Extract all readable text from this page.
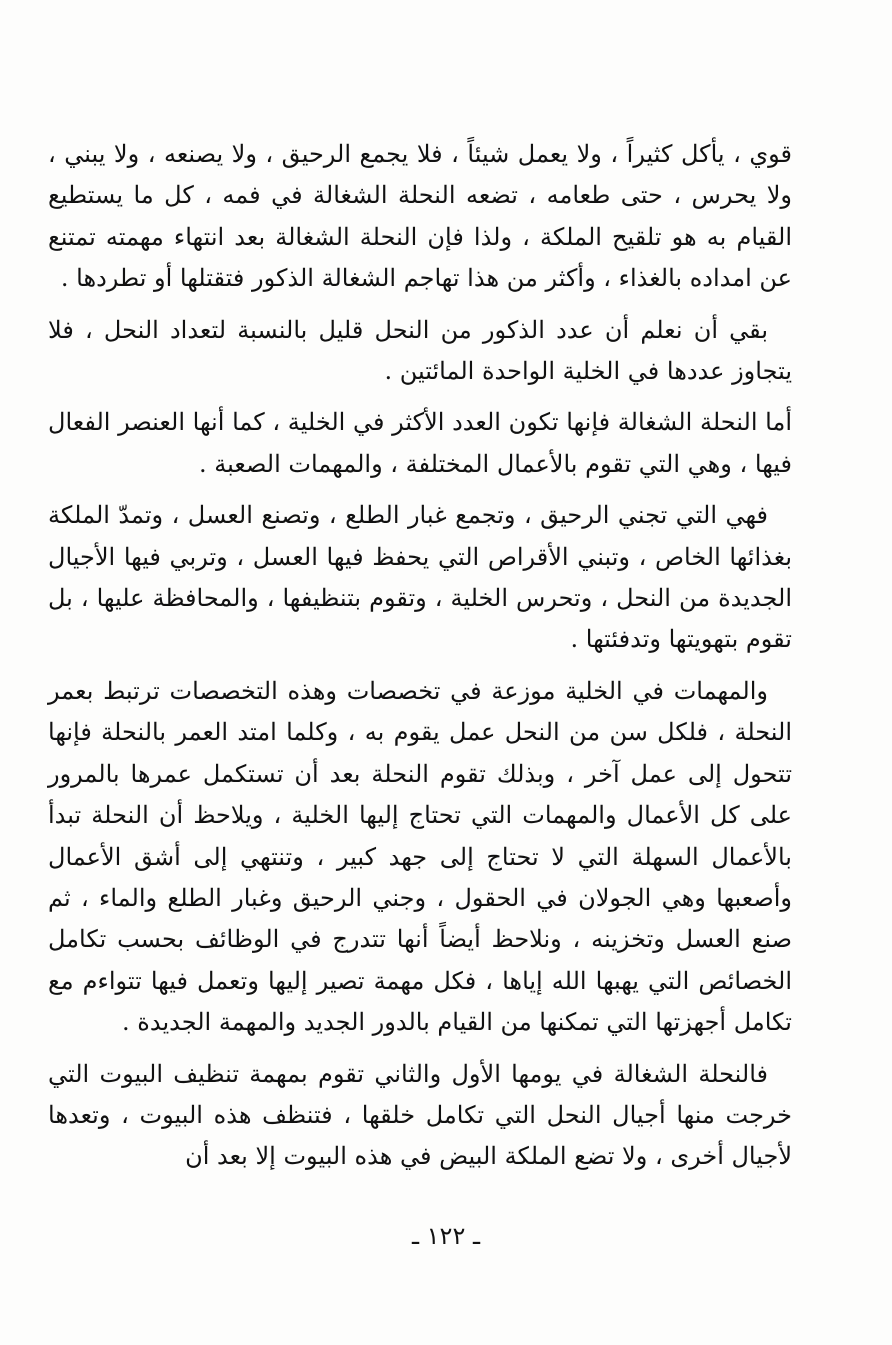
قوي ، يأكل كثيراً ، ولا يعمل شيئاً ، فلا يجمع الرحيق ، ولا يصنعه ، ولا يبني ، ولا يحرس ، حتى طعامه ، تضعه النحلة الشغالة في فمه ، كل ما يستطيع القيام به هو تلقيح الملكة ، ولذا فإن النحلة الشغالة بعد انتهاء مهمته تمتنع عن امداده بالغذاء ، وأكثر من هذا تهاجم الشغالة الذكور فتقتلها أو تطردها .

بقي أن نعلم أن عدد الذكور من النحل قليل بالنسبة لتعداد النحل ، فلا يتجاوز عددها في الخلية الواحدة المائتين .

أما النحلة الشغالة فإنها تكون العدد الأكثر في الخلية ، كما أنها العنصر الفعال فيها ، وهي التي تقوم بالأعمال المختلفة ، والمهمات الصعبة .

فهي التي تجني الرحيق ، وتجمع غبار الطلع ، وتصنع العسل ، وتمدّ الملكة بغذائها الخاص ، وتبني الأقراص التي يحفظ فيها العسل ، وتربي فيها الأجيال الجديدة من النحل ، وتحرس الخلية ، وتقوم بتنظيفها ، والمحافظة عليها ، بل تقوم بتهويتها وتدفئتها .

والمهمات في الخلية موزعة في تخصصات وهذه التخصصات ترتبط بعمر النحلة ، فلكل سن من النحل عمل يقوم به ، وكلما امتد العمر بالنحلة فإنها تتحول إلى عمل آخر ، وبذلك تقوم النحلة بعد أن تستكمل عمرها بالمرور على كل الأعمال والمهمات التي تحتاج إليها الخلية ، ويلاحظ أن النحلة تبدأ بالأعمال السهلة التي لا تحتاج إلى جهد كبير ، وتنتهي إلى أشق الأعمال وأصعبها وهي الجولان في الحقول ، وجني الرحيق وغبار الطلع والماء ، ثم صنع العسل وتخزينه ، ونلاحظ أيضاً أنها تتدرج في الوظائف بحسب تكامل الخصائص التي يهبها الله إياها ، فكل مهمة تصير إليها وتعمل فيها تتواءم مع تكامل أجهزتها التي تمكنها من القيام بالدور الجديد والمهمة الجديدة .

فالنحلة الشغالة في يومها الأول والثاني تقوم بمهمة تنظيف البيوت التي خرجت منها أجيال النحل التي تكامل خلقها ، فتنظف هذه البيوت ، وتعدها لأجيال أخرى ، ولا تضع الملكة البيض في هذه البيوت إلا بعد أن

ـ ١٢٢ ـ
